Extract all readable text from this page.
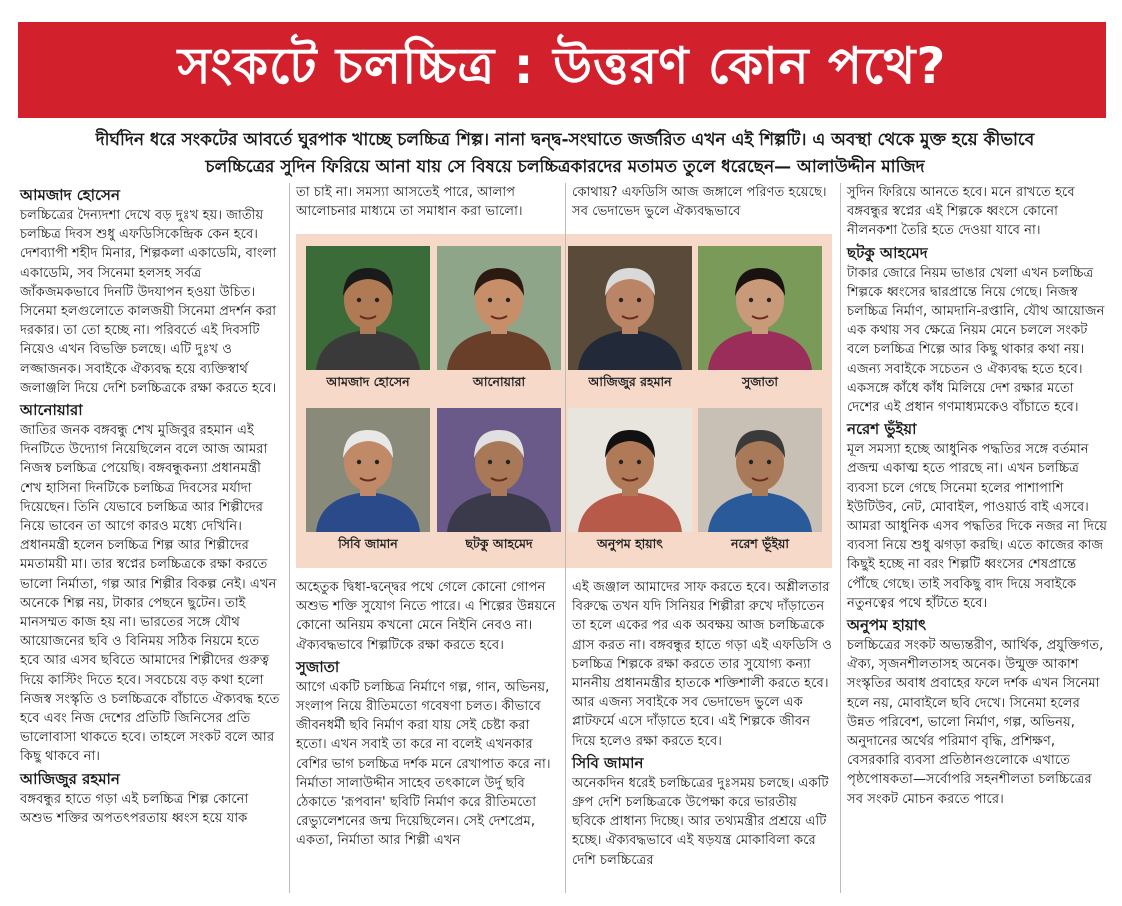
সংকটে চলচ্চিত্র : উত্তরণ কোন পথে?
দীর্ঘদিন ধরে সংকটের আবর্তে ঘুরপাক খাচ্ছে চলচ্চিত্র শিল্প। নানা দ্বন্দ্ব-সংঘাতে জর্জরিত এখন এই শিল্পটি। এ অবস্থা থেকে মুক্ত হয়ে কীভাবে
চলচ্চিত্রের সুদিন ফিরিয়ে আনা যায় সে বিষয়ে চলচ্চিত্রকারদের মতামত তুলে ধরেছেন— আলাউদ্দীন মাজিদ
আমজাদ হোসেন

চলচ্চিত্রের দৈন্যদশা দেখে বড় দুঃখ হয়। জাতীয় চলচ্চিত্র দিবস শুধু এফডিসিকেন্দ্রিক কেন হবে। দেশব্যাপী শহীদ মিনার, শিল্পকলা একাডেমি, বাংলা একাডেমি, সব সিনেমা হলসহ সর্বত্র জাঁকজমকভাবে দিনটি উদযাপন হওয়া উচিত। সিনেমা হলগুলোতে কালজয়ী সিনেমা প্রদর্শন করা দরকার। তা তো হচ্ছে না। পরিবর্তে এই দিবসটি নিয়েও এখন বিভক্তি চলছে। এটি দুঃখ ও লজ্জাজনক। সবাইকে ঐক্যবদ্ধ হয়ে ব্যক্তিস্বার্থ জলাঞ্জলি দিয়ে দেশি চলচ্চিত্রকে রক্ষা করতে হবে।

আনোয়ারা

জাতির জনক বঙ্গবন্ধু শেখ মুজিবুর রহমান এই দিনটিতে উদ্যোগ নিয়েছিলেন বলে আজ আমরা নিজস্ব চলচ্চিত্র পেয়েছি। বঙ্গবন্ধুকন্যা প্রধানমন্ত্রী শেখ হাসিনা দিনটিকে চলচ্চিত্র দিবসের মর্যাদা দিয়েছেন। তিনি যেভাবে চলচ্চিত্র আর শিল্পীদের নিয়ে ভাবেন তা আগে কারও মধ্যে দেখিনি। প্রধানমন্ত্রী হলেন চলচ্চিত্র শিল্প আর শিল্পীদের মমতাময়ী মা। তার স্বপ্নের চলচ্চিত্রকে রক্ষা করতে ভালো নির্মাতা, গল্প আর শিল্পীর বিকল্প নেই। এখন অনেকে শিল্প নয়, টাকার পেছনে ছুটেন। তাই মানসম্মত কাজ হয় না। ভারতের সঙ্গে যৌথ আয়োজনের ছবি ও বিনিময় সঠিক নিয়মে হতে হবে আর এসব ছবিতে আমাদের শিল্পীদের গুরুত্ব দিয়ে কাস্টিং দিতে হবে। সবচেয়ে বড় কথা হলো নিজস্ব সংস্কৃতি ও চলচ্চিত্রকে বাঁচাতে ঐক্যবদ্ধ হতে হবে এবং নিজ দেশের প্রতিটি জিনিসের প্রতি ভালোবাসা থাকতে হবে। তাহলে সংকট বলে আর কিছু থাকবে না।

আজিজুর রহমান

বঙ্গবন্ধুর হাতে গড়া এই চলচ্চিত্র শিল্প কোনো অশুভ শক্তির অপতৎপরতায় ধ্বংস হয়ে যাক

তা চাই না। সমস্যা আসতেই পারে, আলাপ আলোচনার মাধ্যমে তা সমাধান করা ভালো।

কোথায়? এফডিসি আজ জঙ্গালে পরিণত হয়েছে। সব ভেদাভেদ ভুলে ঐক্যবদ্ধভাবে

আমজাদ হোসেন	আনোয়ারা	আজিজুর রহমান	সুজাতা
সিবি জামান	ছটকু আহমেদ	অনুপম হায়াৎ	নরেশ ভূঁইয়া

অহেতুক দ্বিধা-দ্বন্দ্বের পথে গেলে কোনো গোপন অশুভ শক্তি সুযোগ নিতে পারে। এ শিল্পের উন্নয়নে কোনো অনিয়ম কখনো মেনে নিইনি নেবও না। ঐক্যবদ্ধভাবে শিল্পটিকে রক্ষা করতে হবে।

সুজাতা

আগে একটি চলচ্চিত্র নির্মাণে গল্প, গান, অভিনয়, সংলাপ নিয়ে রীতিমতো গবেষণা চলত। কীভাবে জীবনধর্মী ছবি নির্মাণ করা যায় সেই চেষ্টা করা হতো। এখন সবাই তা করে না বলেই এখনকার বেশির ভাগ চলচ্চিত্র দর্শক মনে রেখাপাত করে না। নির্মাতা সালাউদ্দীন সাহেব তৎকালে উর্দু ছবি ঠেকাতে 'রূপবান' ছবিটি নির্মাণ করে রীতিমতো রেভ্যুলেশনের জন্ম দিয়েছিলেন। সেই দেশপ্রেম, একতা, নির্মাতা আর শিল্পী এখন

এই জঞ্জাল আমাদের সাফ করতে হবে। অশ্লীলতার বিরুদ্ধে তখন যদি সিনিয়র শিল্পীরা রুখে দাঁড়াতেন তা হলে একের পর এক অবক্ষয় আজ চলচ্চিত্রকে গ্রাস করত না। বঙ্গবন্ধুর হাতে গড়া এই এফডিসি ও চলচ্চিত্র শিল্পকে রক্ষা করতে তার সুযোগ্য কন্যা মাননীয় প্রধানমন্ত্রীর হাতকে শক্তিশালী করতে হবে। আর এজন্য সবাইকে সব ভেদাভেদ ভুলে এক প্লাটফর্মে এসে দাঁড়াতে হবে। এই শিল্পকে জীবন দিয়ে হলেও রক্ষা করতে হবে।

সিবি জামান

অনেকদিন ধরেই চলচ্চিত্রের দুঃসময় চলছে। একটি গ্রুপ দেশি চলচ্চিত্রকে উপেক্ষা করে ভারতীয় ছবিকে প্রাধান্য দিচ্ছে। আর তথ্যমন্ত্রীর প্রশ্রয়ে এটি হচ্ছে। ঐক্যবদ্ধভাবে এই ষড়যন্ত্র মোকাবিলা করে দেশি চলচ্চিত্রের

সুদিন ফিরিয়ে আনতে হবে। মনে রাখতে হবে বঙ্গবন্ধুর স্বপ্নের এই শিল্পকে ধ্বংসে কোনো নীলনকশা তৈরি হতে দেওয়া যাবে না।

ছটকু আহমেদ

টাকার জোরে নিয়ম ভাঙার খেলা এখন চলচ্চিত্র শিল্পকে ধ্বংসের দ্বারপ্রান্তে নিয়ে গেছে। নিজস্ব চলচ্চিত্র নির্মাণ, আমদানি-রপ্তানি, যৌথ আয়োজন এক কথায় সব ক্ষেত্রে নিয়ম মেনে চললে সংকট বলে চলচ্চিত্র শিল্পে আর কিছু থাকার কথা নয়। এজন্য সবাইকে সচেতন ও ঐক্যবদ্ধ হতে হবে। একসঙ্গে কাঁধে কাঁধ মিলিয়ে দেশ রক্ষার মতো দেশের এই প্রধান গণমাধ্যমকেও বাঁচাতে হবে।

নরেশ ভুঁইয়া

মূল সমস্যা হচ্ছে আধুনিক পদ্ধতির সঙ্গে বর্তমান প্রজন্ম একাত্ম হতে পারছে না। এখন চলচ্চিত্র ব্যবসা চলে গেছে সিনেমা হলের পাশাপাশি ইউটিউব, নেট, মোবাইল, পাওয়ার্ড বাই এসবে। আমরা আধুনিক এসব পদ্ধতির দিকে নজর না দিয়ে ব্যবসা নিয়ে শুধু ঝগড়া করছি। এতে কাজের কাজ কিছুই হচ্ছে না বরং শিল্পটি ধ্বংসের শেষপ্রান্তে পৌঁছে গেছে। তাই সবকিছু বাদ দিয়ে সবাইকে নতুনত্বের পথে হাঁটতে হবে।

অনুপম হায়াৎ

চলচ্চিত্রের সংকট অভ্যন্তরীণ, আর্থিক, প্রযুক্তিগত, ঐক্য, সৃজনশীলতাসহ অনেক। উন্মুক্ত আকাশ সংস্কৃতির অবাধ প্রবাহের ফলে দর্শক এখন সিনেমা হলে নয়, মোবাইলে ছবি দেখে। সিনেমা হলের উন্নত পরিবেশ, ভালো নির্মাণ, গল্প, অভিনয়, অনুদানের অর্থের পরিমাণ বৃদ্ধি, প্রশিক্ষণ, বেসরকারি ব্যবসা প্রতিষ্ঠানগুলোকে এখাতে পৃষ্ঠপোষকতা—সর্বোপরি সহনশীলতা চলচ্চিত্রের সব সংকট মোচন করতে পারে।
